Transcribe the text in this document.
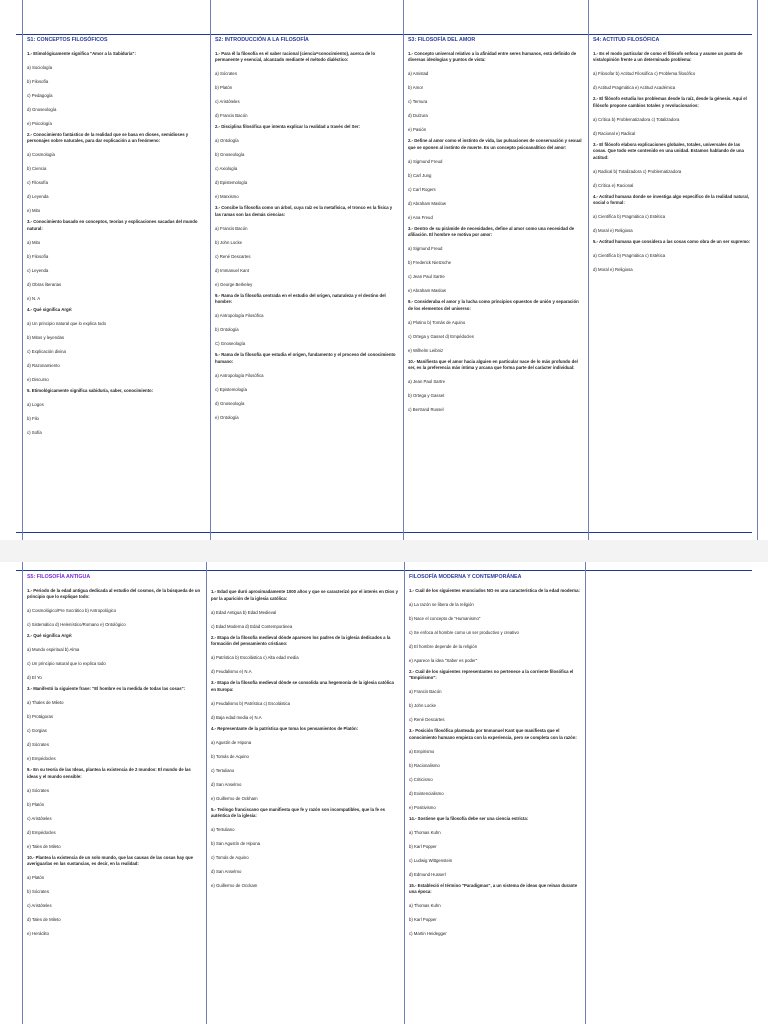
S1: CONCEPTOS FILOSÓFICOS
1.- Etimológicamente significa "Amor a la Sabiduría":
a) Sociología
b) Filosofía
c) Pedagogía
d) Gnoseología
e) Psicología
2.- Conocimiento fantástico de la realidad que se basa en dioses, semidioses y personajes sobre naturales, para dar explicación a un fenómeno:
a) Cosmología
b) Ciencia
c) Filosofía
d) Leyenda
e) Mito
3.- Conocimiento basado en conceptos, teorías y explicaciones sacadas del mundo natural:
a) Mito
b) Filosofía
c) Leyenda
d) Obras literarias
e) N. A
4.- Qué significa Argé:
a) Un principio natural que lo explica todo
b) Mitos y leyendas
c) Explicación divina
d) Razonamiento
e) Discurso
5. Etimológicamente significa sabiduría, saber, conocimiento:
a) Logos
b) Filo
c) Sofía
S2: INTRODUCCIÓN A LA FILOSOFÍA
1.- Para él la filosofía es el saber racional (ciencia=conocimiento), acerca de lo permanente y esencial, alcanzado mediante el método dialéctico:
a) Sócrates
b) Platón
c) Aristóteles
d) Francis Bacón
2.- Disciplina filosófica que intenta explicar la realidad a través del Ser:
a) Ontología
b) Gnoseología
c) Axiología
d) Epistemología
e) Marxismo
3.- Concibe la filosofía como un árbol, cuya raíz es la metafísica, el tronco es la física y las ramas son las demás ciencias:
a) Francis Bacón
b) John Locke
c) René Descartes
d) Immanuel Kant
e) George Berkeley
9.- Rama de la filosofía centrada en el estudio del origen, naturaleza y el destino del hombre:
a) Antropología Filosófica
b) Ontología
C) Gnoseología
5.- Rama de la filosofía que estudia el origen, fundamento y el proceso del conocimiento humano:
a) Antropología Filosófica
c) Epistemología
d) Gnoseología
e) Ontología
S3: FILOSOFÍA DEL AMOR
1.- Concepto universal relativo a la afinidad entre seres humanos, está definido de diversas ideologías y puntos de vista:
a) Amistad
b) Amor
c) Ternura
d) Dulzura
e) Pasión
2.- Define al amor como el instinto de vida, las pulsaciones de conservación y sexual que se oponen al instinto de muerte. Es un concepto psicoanalítico del amor:
a) Sigmund Freud
b) Carl Jung
c) Carl Rogers
d) Abraham Maslow
e) Ana Freud
3.- Dentro de su pirámide de necesidades, define al amor como una necesidad de afiliación. El hombre se motiva por amor:
a) Sigmund Freud
b) Frederick Nietzsche
c) Jean Paul Sartre
e) Abraham Maslow
9.- Consideraba el amor y la lucha como principios opuestos de unión y separación de los elementos del universo:
a) Plotino b) Tomás de Aquino
c) Ortega y Gasset d) Empédocles
e) Wilhelm Leibniz
10.- Manifiesta que el amor hacia alguien en particular nace de lo más profundo del ser, es la preferencia más íntima y arcana que forma parte del carácter individual:
a) Jean Paul Sartre
b) Ortega y Gasset
c) Bertrand Russel
S4: ACTITUD FILOSÓFICA
1.- Es el modo particular de como el filósofo enfoca y asume un punto de vista/opinión frente a un determinado problema:
a) Filosofar b) Actitud Filosófica c) Problema filosófico
d) Actitud Pragmática e) Actitud Académica
2.- El filósofo estudia los problemas desde la raíz, desde la génesis. Aquí el filósofo propone cambios totales y revolucionarios:
a) Crítica b) Problematizadora c) Totalizadora
d) Racional e) Radical
3.- El filósofo elabora explicaciones globales, totales, universales de las cosas. Que todo este contenido en una unidad. Estamos hablando de una actitud:
a) Radical b) Totalizadora c) Problematizadora
d) Crítica e) Racional
4.- Actitud humana donde se investiga algo específico de la realidad natural, social o formal:
a) Científica b) Pragmática c) Estética
d) Moral e) Religiosa
5.- Actitud humana que considera a las cosas como obra de un ser supremo:
a) Científica b) Pragmática c) Estética
d) Moral e) Religiosa
S5: FILOSOFÍA ANTIGUA
1.- Periodo de la edad antigua dedicada al estudio del cosmos, de la búsqueda de un principio que lo explique todo:
a) Cosmológico/Pre Socrático b) Antropológico
c) Sistemático d) Helenístico/Romano e) Ontológico
2.- Qué significa Argé:
a) Mundo espiritual b) Alma
c) Un principio natural que lo explica todo
d) El Yo
3.- Manifestó la siguiente frase: "El hombre es la medida de todas las cosas":
a) Thales de Mileto
b) Protágoras
c) Gorgias
d) Sócrates
e) Empédocles
9.- En su teoría de las Ideas, plantea la existencia de 2 mundos: El mundo de las ideas y el mundo sensible:
a) Sócrates
b) Platón
c) Aristóteles
d) Empédocles
e) Tales de Mileto
10.- Plantea la existencia de un solo mundo, que las causas de las cosas hay que averiguarlas en las sustancias, es decir, en la realidad:
a) Platón
b) Sócrates
c) Aristóteles
d) Tales de Mileto
e) Heráclito
1.- Edad que duró aproximadamente 1000 años y que se caracterizó por el interés en Dios y por la aparición de la iglesia católica:
a) Edad Antigua b) Edad Medieval
c) Edad Moderna d) Edad Contemporánea
2.- Etapa de la filosofía medieval dónde aparecen los padres de la iglesia dedicados a la formación del pensamiento cristiano:
a) Patrística b) Escolástica c) Alta edad media
d) Feudalismo e) N.A
3.- Etapa de la filosofía medieval dónde se consolida una hegemonía de la iglesia católica en Europa:
a) Feudalismo b) Patrística c) Escolástica
d) Baja edad media e) N.A
4.- Representante de la patrística que toma los pensamientos de Platón:
a) Agustín de Hipona
b) Tomás de Aquino
c) Tertuliano
d) San Anselmo
e) Guillermo de Ockham
5.- Teólogo franciscano que manifiesta que fe y razón son incompatibles, que la fe es auténtica de la iglesia:
a) Tertuliano
b) San Agustín de Hipona
c) Tomás de Aquino
d) San Anselmo
e) Guillermo de Occkam
FILOSOFÍA MODERNA Y CONTEMPORÁNEA
1.- Cuál de los siguientes enunciados NO es una característica de la edad moderna:
a) La razón se libera de la religión
b) Nace el concepto de "Humanismo"
c) Se enfoca al hombre como un ser productivo y creativo
d) El hombre depende de la religión
e) Aparece la idea "Saber es poder"
2.- Cuál de los siguientes representantes no pertenece a la corriente filosófica el "Empirismo":
a) Francis Bacón
b) John Locke
c) René Descartes
3.- Posición filosófica planteada por Immanuel Kant que manifiesta que el conocimiento humano empieza con la experiencia, pero se completa con la razón:
a) Empirismo
b) Racionalismo
c) Criticismo
d) Existencialismo
e) Positivismo
14.- Sostiene que la filosofía debe ser una ciencia estricta:
a) Thomas Kuhn
b) Karl Popper
c) Ludwig Wittgenstein
d) Edmund Husserl
15.- Estableció el término "Paradigmas", a un sistema de ideas que reinan durante una época:
a) Thomas Kuhn
b) Karl Popper
c) Martin Heidegger
